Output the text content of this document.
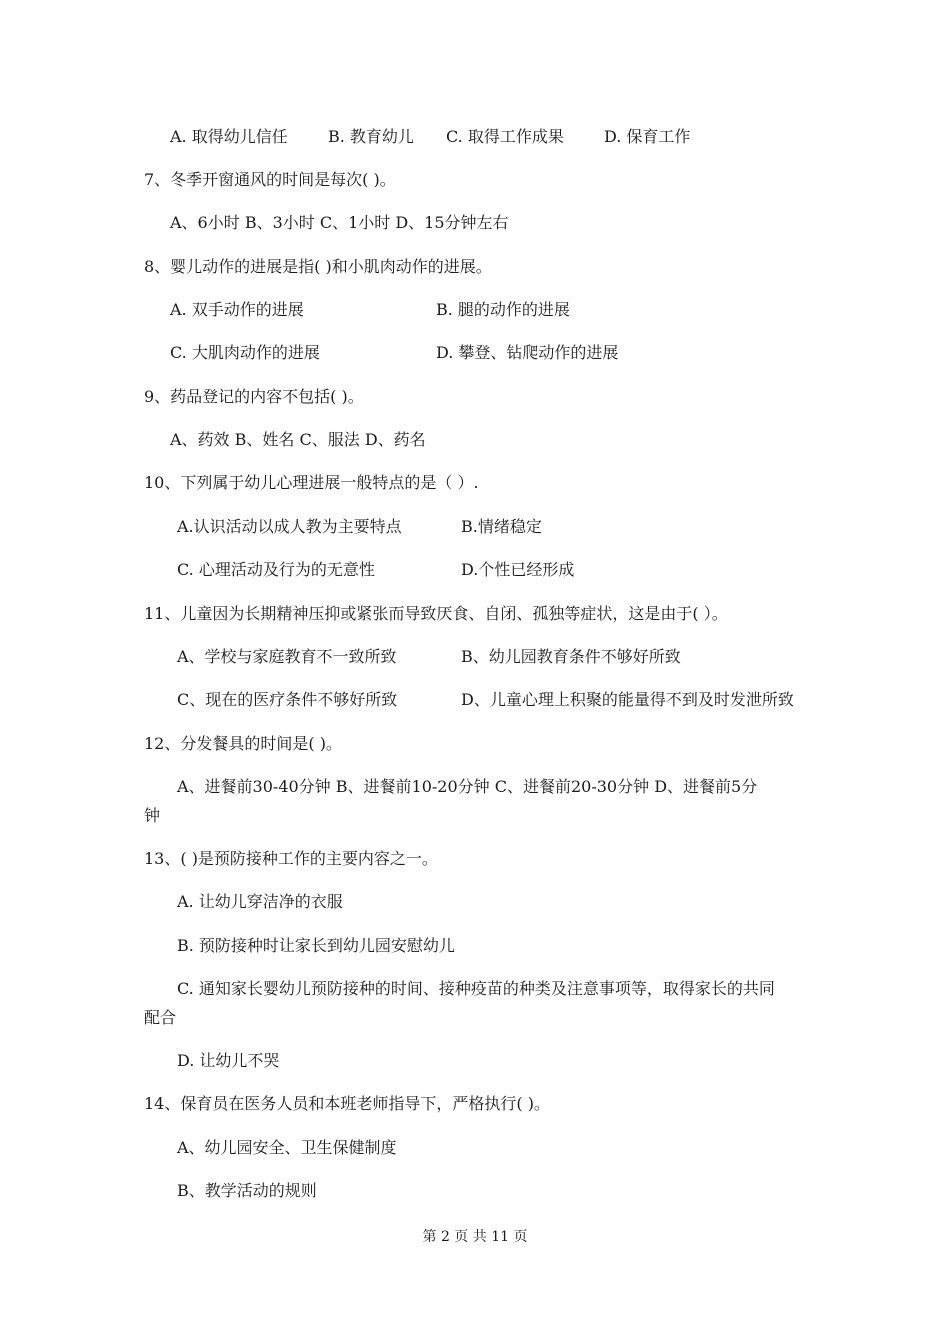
A. 取得幼儿信任	B. 教育幼儿 C. 取得工作成果	D. 保育工作
7、冬季开窗通风的时间是每次( )。
A、6小时 B、3小时 C、1小时 D、15分钟左右
8、婴儿动作的进展是指( )和小肌肉动作的进展。
A. 双手动作的进展	B. 腿的动作的进展
C. 大肌肉动作的进展	D. 攀登、钻爬动作的进展
9、药品登记的内容不包括( )。
A、药效 B、姓名 C、服法 D、药名
10、下列属于幼儿心理进展一般特点的是（ ）.
A.认识活动以成人教为主要特点	B.情绪稳定
C. 心理活动及行为的无意性	D.个性已经形成
11、儿童因为长期精神压抑或紧张而导致厌食、自闭、孤独等症状，这是由于( ）。
A、学校与家庭教育不一致所致	B、幼儿园教育条件不够好所致
C、现在的医疗条件不够好所致	D、儿童心理上积聚的能量得不到及时发泄所致
12、分发餐具的时间是( )。
A、进餐前30-40分钟 B、进餐前10-20分钟 C、进餐前20-30分钟 D、进餐前5分
钟
13、( )是预防接种工作的主要内容之一。
A. 让幼儿穿洁净的衣服
B. 预防接种时让家长到幼儿园安慰幼儿
C. 通知家长婴幼儿预防接种的时间、接种疫苗的种类及注意事项等，取得家长的共同
配合
D. 让幼儿不哭
14、保育员在医务人员和本班老师指导下，严格执行( )。
A、幼儿园安全、卫生保健制度
B、教学活动的规则
第 2 页 共 11 页
